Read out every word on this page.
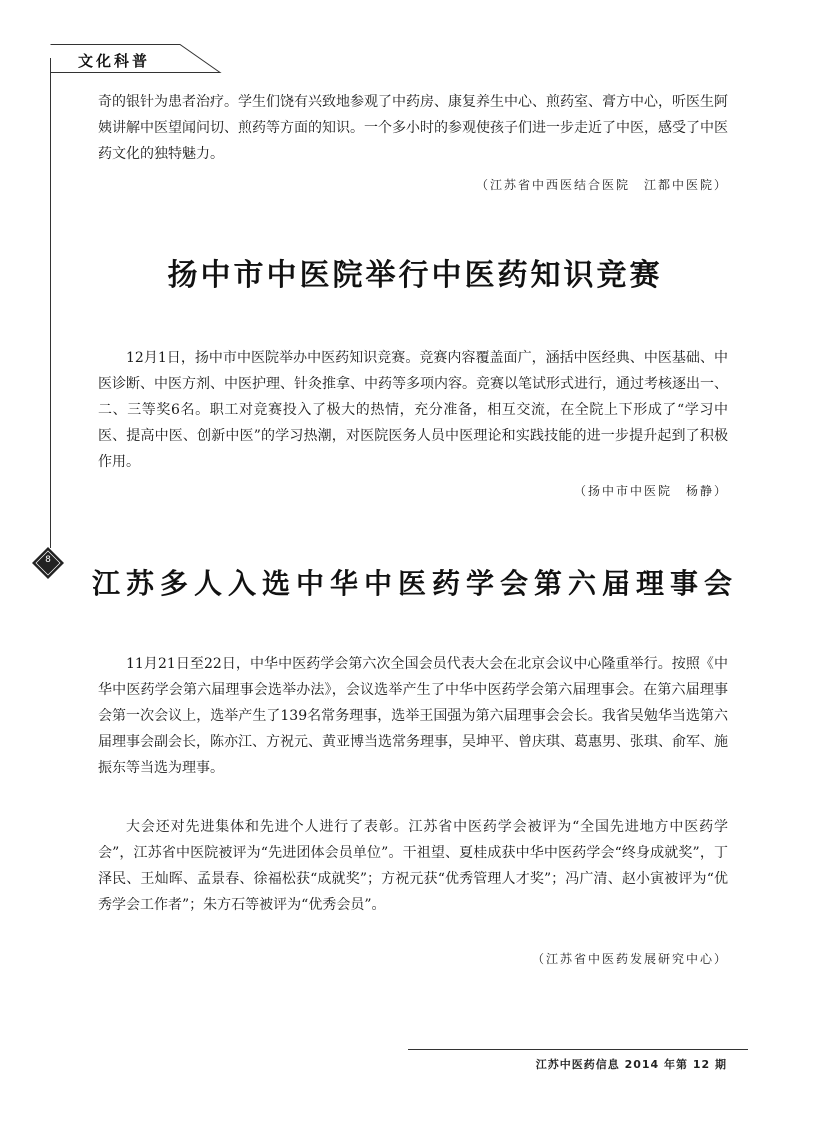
文化科普
8

奇的银针为患者治疗。学生们饶有兴致地参观了中药房、康复养生中心、煎药室、膏方中心，听医生阿姨讲解中医望闻问切、煎药等方面的知识。一个多小时的参观使孩子们进一步走近了中医，感受了中医药文化的独特魅力。

（江苏省中西医结合医院　江都中医院）

扬中市中医院举行中医药知识竞赛

12月1日，扬中市中医院举办中医药知识竞赛。竞赛内容覆盖面广，涵括中医经典、中医基础、中医诊断、中医方剂、中医护理、针灸推拿、中药等多项内容。竞赛以笔试形式进行，通过考核逐出一、二、三等奖6名。职工对竞赛投入了极大的热情，充分准备，相互交流，在全院上下形成了“学习中医、提高中医、创新中医”的学习热潮，对医院医务人员中医理论和实践技能的进一步提升起到了积极作用。

（扬中市中医院　杨静）

江苏多人入选中华中医药学会第六届理事会

11月21日至22日，中华中医药学会第六次全国会员代表大会在北京会议中心隆重举行。按照《中华中医药学会第六届理事会选举办法》，会议选举产生了中华中医药学会第六届理事会。在第六届理事会第一次会议上，选举产生了139名常务理事，选举王国强为第六届理事会会长。我省吴勉华当选第六届理事会副会长，陈亦江、方祝元、黄亚博当选常务理事，吴坤平、曾庆琪、葛惠男、张琪、俞军、施振东等当选为理事。

大会还对先进集体和先进个人进行了表彰。江苏省中医药学会被评为“全国先进地方中医药学会”，江苏省中医院被评为“先进团体会员单位”。干祖望、夏桂成获中华中医药学会“终身成就奖”，丁泽民、王灿晖、孟景春、徐福松获“成就奖”；方祝元获“优秀管理人才奖”；冯广清、赵小寅被评为“优秀学会工作者”；朱方石等被评为“优秀会员”。

（江苏省中医药发展研究中心）

江苏中医药信息 2014 年第 12 期
